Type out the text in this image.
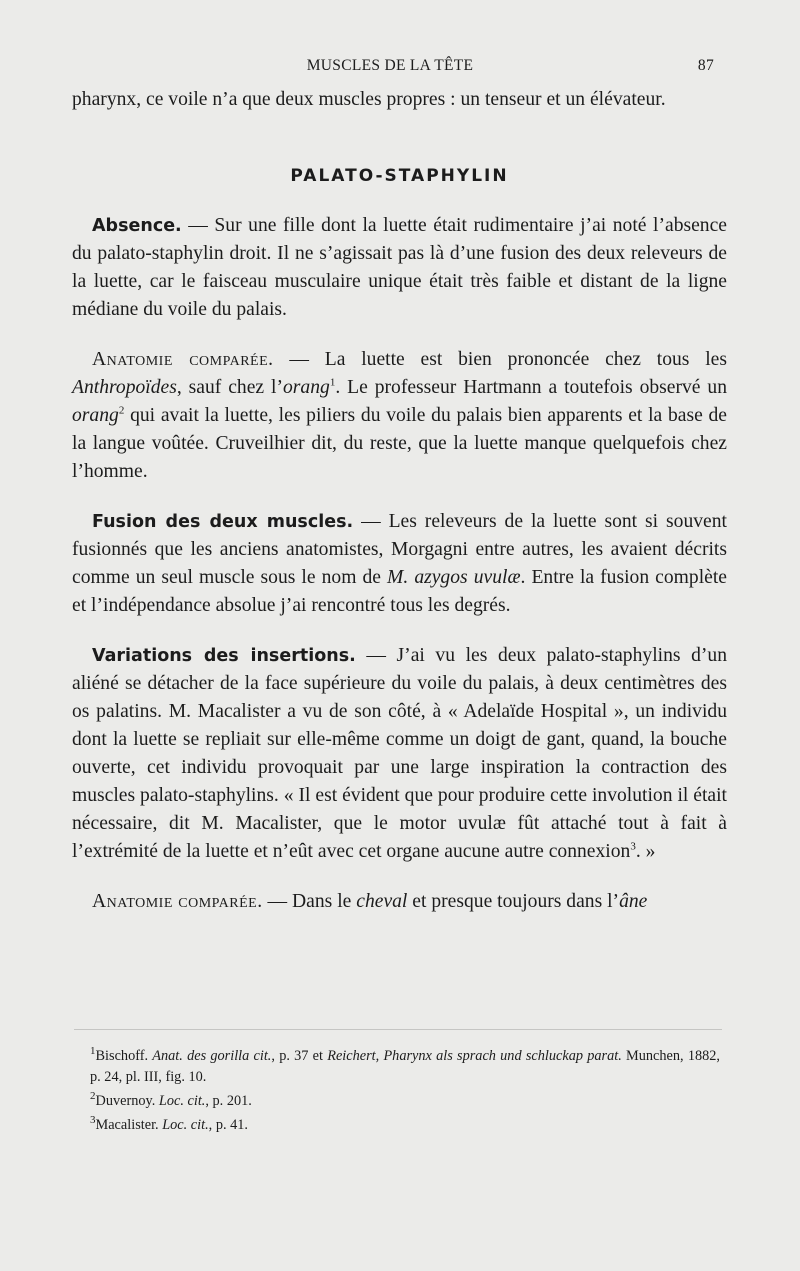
MUSCLES DE LA TÊTE	87

pharynx, ce voile n’a que deux muscles propres : un tenseur et un élévateur.

PALATO-STAPHYLIN

Absence. — Sur une fille dont la luette était rudimentaire j’ai noté l’absence du palato-staphylin droit. Il ne s’agissait pas là d’une fusion des deux releveurs de la luette, car le faisceau musculaire unique était très faible et distant de la ligne médiane du voile du palais.

Anatomie comparée. — La luette est bien prononcée chez tous les Anthropoïdes, sauf chez l’orang$^1$. Le professeur Hartmann a toutefois observé un orang$^2$ qui avait la luette, les piliers du voile du palais bien apparents et la base de la langue voûtée. Cruveilhier dit, du reste, que la luette manque quelquefois chez l’homme.

Fusion des deux muscles. — Les releveurs de la luette sont si souvent fusionnés que les anciens anatomistes, Morgagni entre autres, les avaient décrits comme un seul muscle sous le nom de M. azygos uvulæ. Entre la fusion complète et l’indépendance absolue j’ai rencontré tous les degrés.

Variations des insertions. — J’ai vu les deux palato-staphylins d’un aliéné se détacher de la face supérieure du voile du palais, à deux centimètres des os palatins. M. Macalister a vu de son côté, à « Adelaïde Hospital », un individu dont la luette se repliait sur elle-même comme un doigt de gant, quand, la bouche ouverte, cet individu provoquait par une large inspiration la contraction des muscles palato-staphylins. « Il est évident que pour produire cette involution il était nécessaire, dit M. Macalister, que le motor uvulæ fût attaché tout à fait à l’extrémité de la luette et n’eût avec cet organe aucune autre connexion$^3$. »

Anatomie comparée. — Dans le cheval et presque toujours dans l’âne

$^1$Bischoff. Anat. des gorilla cit., p. 37 et Reichert, Pharynx als sprach und schluckap parat. Munchen, 1882, p. 24, pl. III, fig. 10.

$^2$Duvernoy. Loc. cit., p. 201.

$^3$Macalister. Loc. cit., p. 41.
